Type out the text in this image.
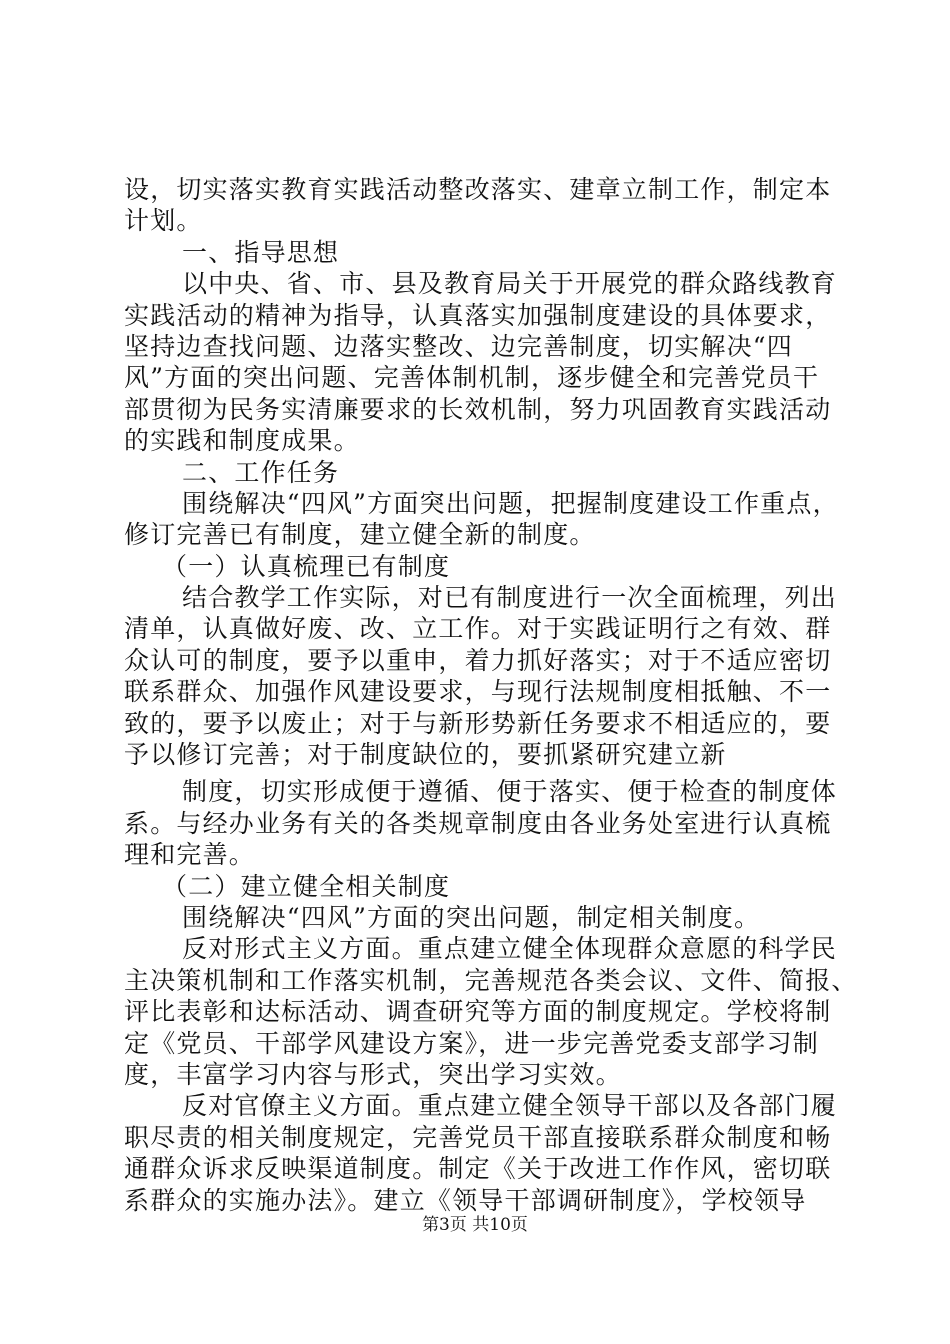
设，切实落实教育实践活动整改落实、建章立制工作，制定本
计划。
一、指导思想
以中央、省、市、县及教育局关于开展党的群众路线教育
实践活动的精神为指导，认真落实加强制度建设的具体要求，
坚持边查找问题、边落实整改、边完善制度，切实解决“四
风”方面的突出问题、完善体制机制，逐步健全和完善党员干
部贯彻为民务实清廉要求的长效机制，努力巩固教育实践活动
的实践和制度成果。
二、工作任务
围绕解决“四风”方面突出问题，把握制度建设工作重点，
修订完善已有制度，建立健全新的制度。
（一）认真梳理已有制度
结合教学工作实际，对已有制度进行一次全面梳理，列出
清单，认真做好废、改、立工作。对于实践证明行之有效、群
众认可的制度，要予以重申，着力抓好落实；对于不适应密切
联系群众、加强作风建设要求，与现行法规制度相抵触、不一
致的，要予以废止；对于与新形势新任务要求不相适应的，要
予以修订完善；对于制度缺位的，要抓紧研究建立新
制度，切实形成便于遵循、便于落实、便于检查的制度体
系。与经办业务有关的各类规章制度由各业务处室进行认真梳
理和完善。
（二）建立健全相关制度
围绕解决“四风”方面的突出问题，制定相关制度。
反对形式主义方面。重点建立健全体现群众意愿的科学民
主决策机制和工作落实机制，完善规范各类会议、文件、简报、
评比表彰和达标活动、调查研究等方面的制度规定。学校将制
定《党员、干部学风建设方案》，进一步完善党委支部学习制
度，丰富学习内容与形式，突出学习实效。
反对官僚主义方面。重点建立健全领导干部以及各部门履
职尽责的相关制度规定，完善党员干部直接联系群众制度和畅
通群众诉求反映渠道制度。制定《关于改进工作作风，密切联
系群众的实施办法》。建立《领导干部调研制度》，学校领导
第3页 共10页
